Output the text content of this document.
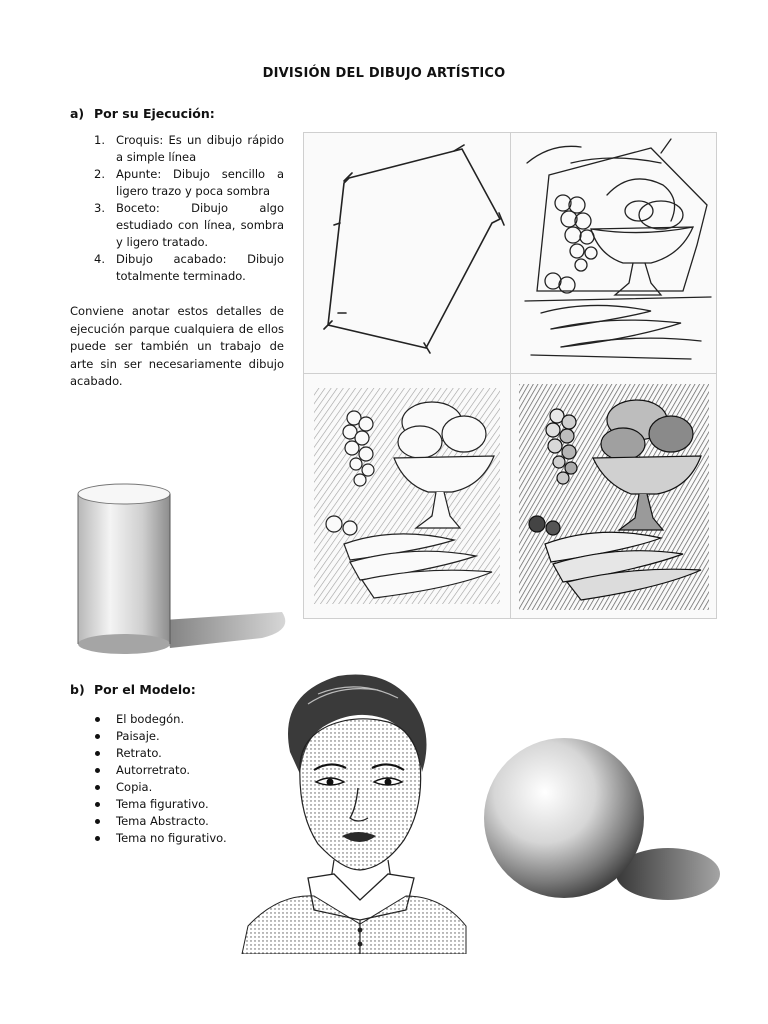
DIVISIÓN DEL DIBUJO ARTÍSTICO
a) Por su Ejecución:
1. Croquis: Es un dibujo rápido a simple línea
2. Apunte: Dibujo sencillo a ligero trazo y poca sombra
3. Boceto: Dibujo algo estudiado con línea, sombra y ligero tratado.
4. Dibujo acabado: Dibujo totalmente terminado.
Conviene anotar estos detalles de ejecución parque cualquiera de ellos puede ser también un trabajo de arte sin ser necesariamente dibujo acabado.
b) Por el Modelo:
El bodegón.
Paisaje.
Retrato.
Autorretrato.
Copia.
Tema figurativo.
Tema Abstracto.
Tema no figurativo.
